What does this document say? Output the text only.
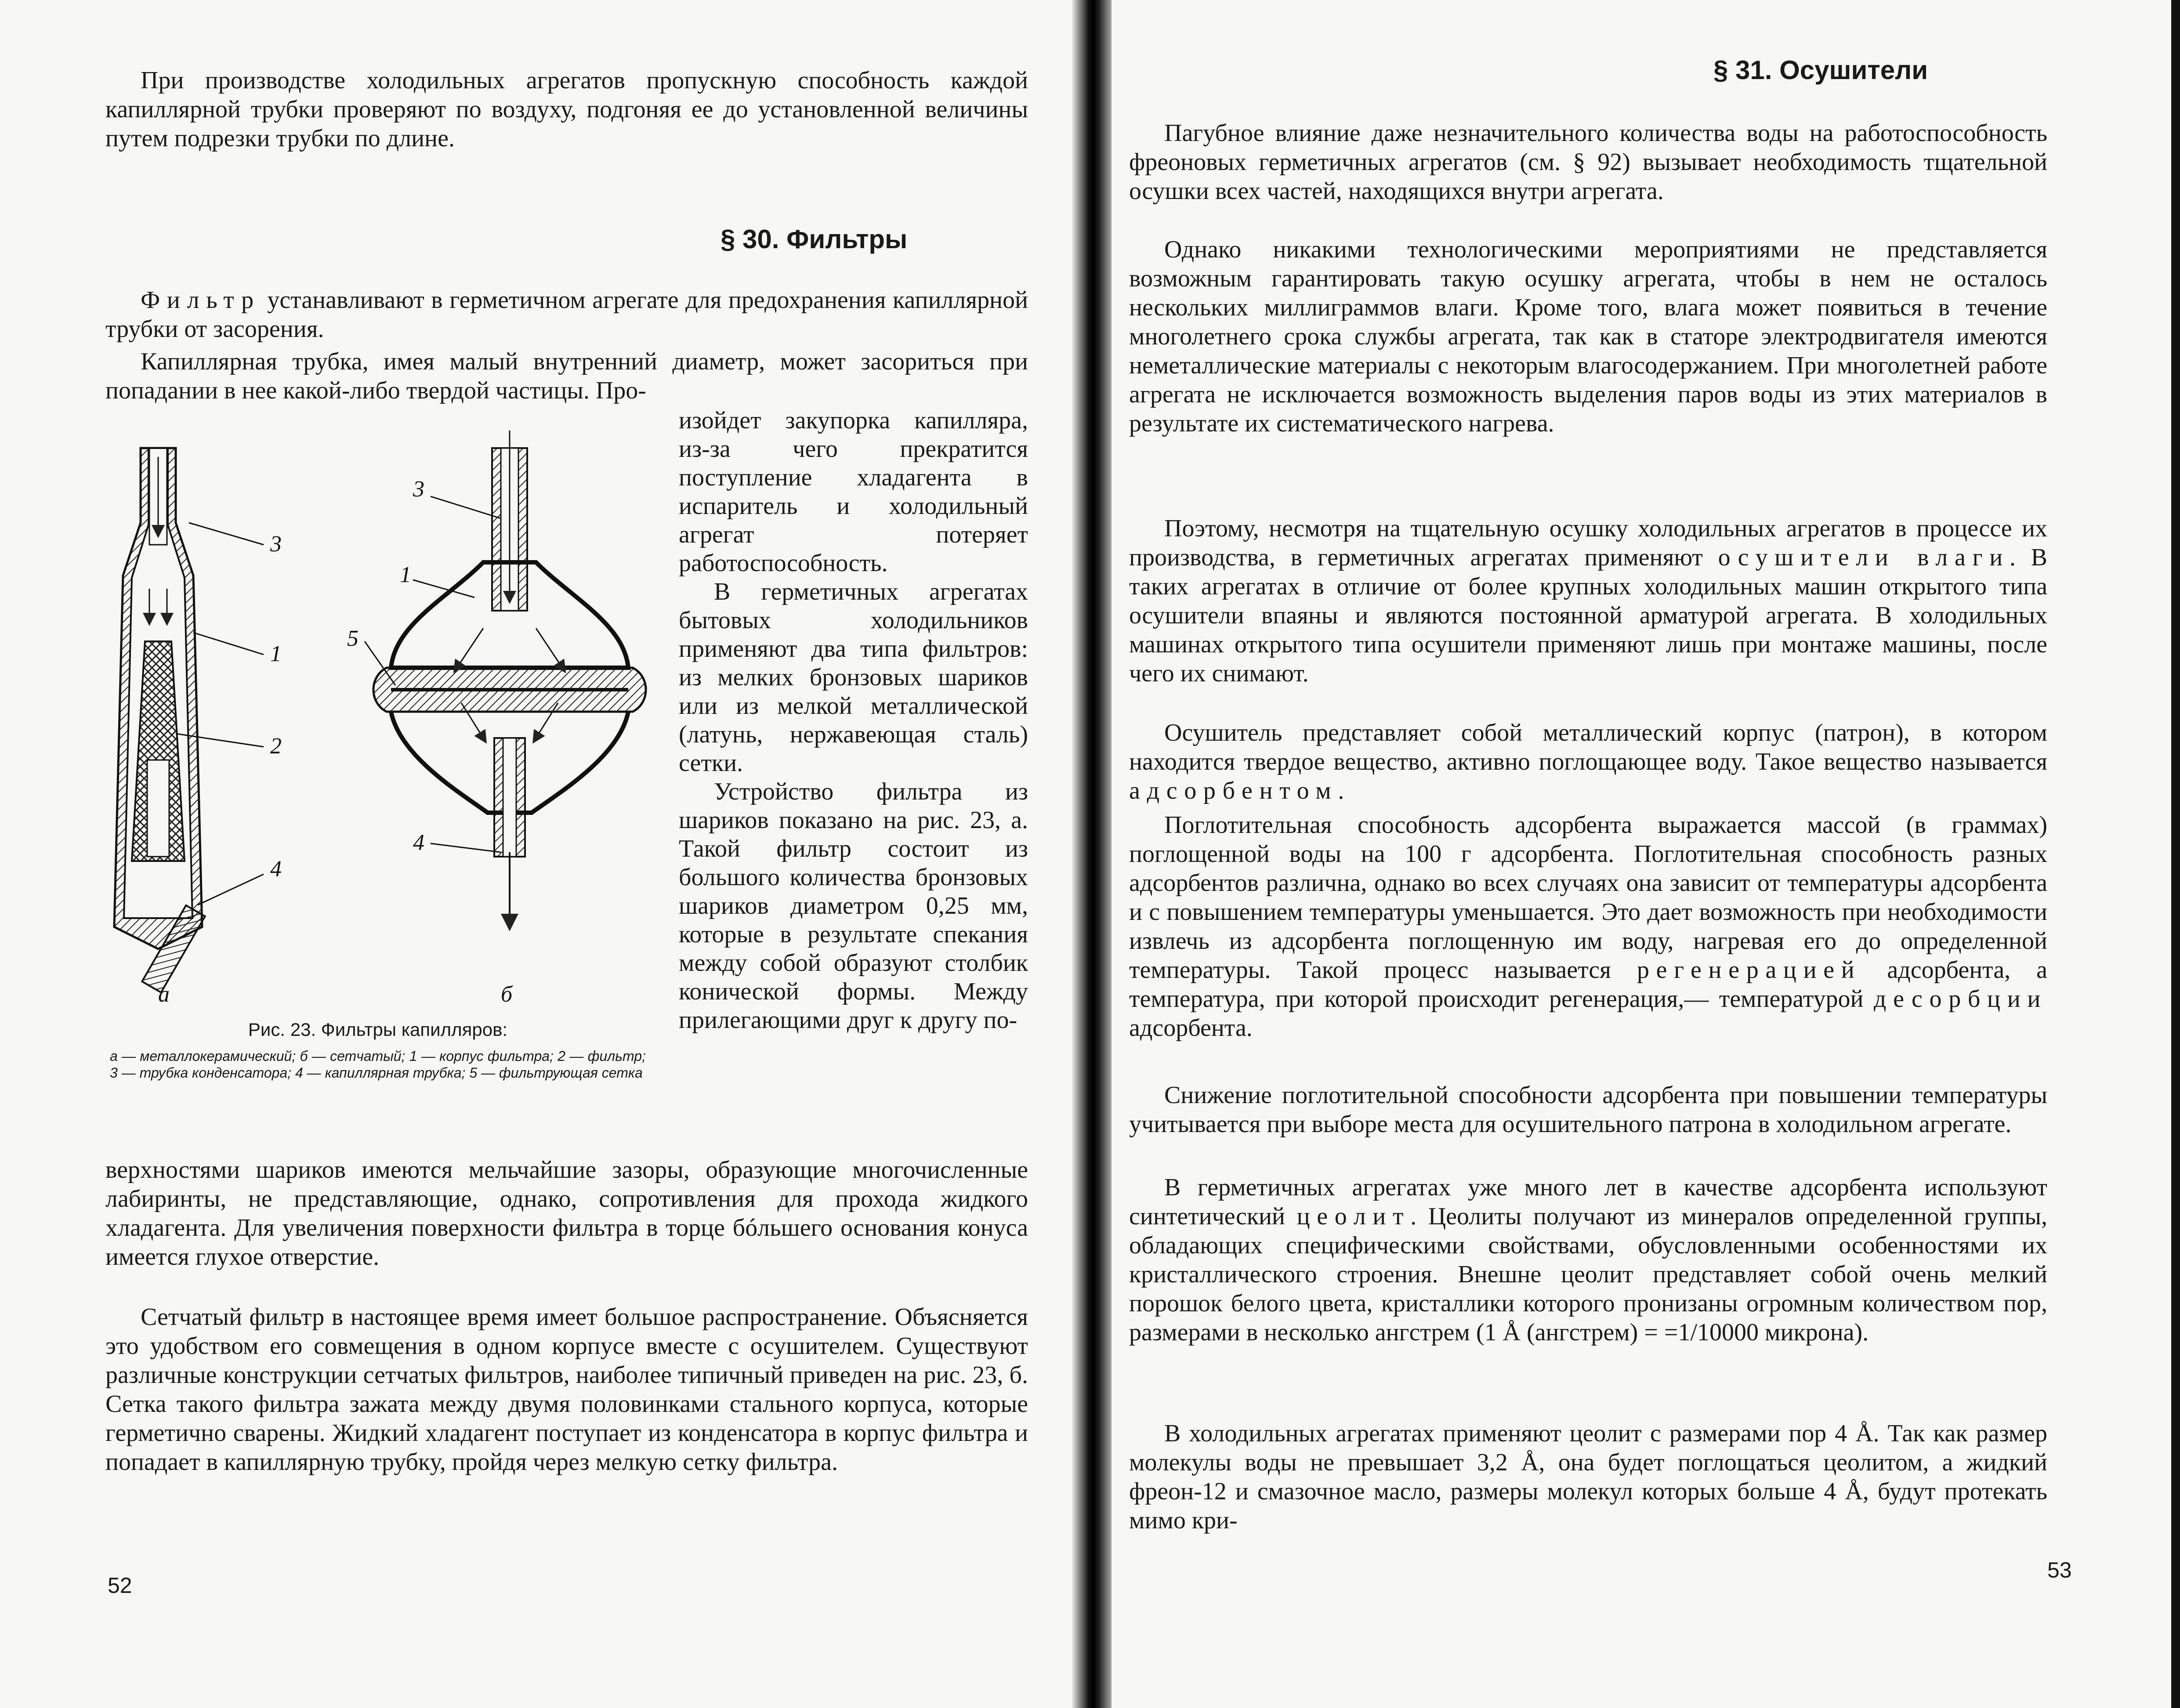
При производстве холодильных агрегатов пропускную способность каждой капиллярной трубки проверяют по воздуху, подгоняя ее до установленной величины путем подрезки трубки по длине.

§ 30. Фильтры

Фильтр устанавливают в герметичном агрегате для предохранения капиллярной трубки от засорения.

Капиллярная трубка, имея малый внутренний диаметр, может засориться при попадании в нее какой-либо твердой частицы. Про-

3
1
2
4
а
3
1
5
4
б
Рис. 23. Фильтры капилляров:
а — металлокерамический; б — сетчатый; 1 — корпус фильтра; 2 — фильтр; 3 — трубка конденсатора; 4 — капиллярная трубка; 5 — фильтрующая сетка

изойдет закупорка капилляра, из-за чего прекратится поступление хладагента в испаритель и холодильный агрегат потеряет работоспособность.
В герметичных агрегатах бытовых холодильников применяют два типа фильтров: из мелких бронзовых шариков или из мелкой металлической (латунь, нержавеющая сталь) сетки.
Устройство фильтра из шариков показано на рис. 23, а. Такой фильтр состоит из большого количества бронзовых шариков диаметром 0,25 мм, которые в результате спекания между собой образуют столбик конической формы. Между прилегающими друг к другу по-

верхностями шариков имеются мельчайшие зазоры, образующие многочисленные лабиринты, не представляющие, однако, сопротивления для прохода жидкого хладагента. Для увеличения поверхности фильтра в торце бóльшего основания конуса имеется глухое отверстие.

Сетчатый фильтр в настоящее время имеет большое распространение. Объясняется это удобством его совмещения в одном корпусе вместе с осушителем. Существуют различные конструкции сетчатых фильтров, наиболее типичный приведен на рис. 23, б. Сетка такого фильтра зажата между двумя половинками стального корпуса, которые герметично сварены. Жидкий хладагент поступает из конденсатора в корпус фильтра и попадает в капиллярную трубку, пройдя через мелкую сетку фильтра.

52
§ 31. Осушители

Пагубное влияние даже незначительного количества воды на работоспособность фреоновых герметичных агрегатов (см. § 92) вызывает необходимость тщательной осушки всех частей, находящихся внутри агрегата.

Однако никакими технологическими мероприятиями не представляется возможным гарантировать такую осушку агрегата, чтобы в нем не осталось нескольких миллиграммов влаги. Кроме того, влага может появиться в течение многолетнего срока службы агрегата, так как в статоре электродвигателя имеются неметаллические материалы с некоторым влагосодержанием. При многолетней работе агрегата не исключается возможность выделения паров воды из этих материалов в результате их систематического нагрева.

Поэтому, несмотря на тщательную осушку холодильных агрегатов в процессе их производства, в герметичных агрегатах применяют осушители влаги. В таких агрегатах в отличие от более крупных холодильных машин открытого типа осушители впаяны и являются постоянной арматурой агрегата. В холодильных машинах открытого типа осушители применяют лишь при монтаже машины, после чего их снимают.

Осушитель представляет собой металлический корпус (патрон), в котором находится твердое вещество, активно поглощающее воду. Такое вещество называется адсорбентом.

Поглотительная способность адсорбента выражается массой (в граммах) поглощенной воды на 100 г адсорбента. Поглотительная способность разных адсорбентов различна, однако во всех случаях она зависит от температуры адсорбента и с повышением температуры уменьшается. Это дает возможность при необходимости извлечь из адсорбента поглощенную им воду, нагревая его до определенной температуры. Такой процесс называется регенерацией адсорбента, а температура, при которой происходит регенерация,— температурой десорбции адсорбента.

Снижение поглотительной способности адсорбента при повышении температуры учитывается при выборе места для осушительного патрона в холодильном агрегате.

В герметичных агрегатах уже много лет в качестве адсорбента используют синтетический цеолит. Цеолиты получают из минералов определенной группы, обладающих специфическими свойствами, обусловленными особенностями их кристаллического строения. Внешне цеолит представляет собой очень мелкий порошок белого цвета, кристаллики которого пронизаны огромным количеством пор, размерами в несколько ангстрем (1 Å (ангстрем) = =1/10000 микрона).

В холодильных агрегатах применяют цеолит с размерами пор 4 Å. Так как размер молекулы воды не превышает 3,2 Å, она будет поглощаться цеолитом, а жидкий фреон-12 и смазочное масло, размеры молекул которых больше 4 Å, будут протекать мимо кри-

53
